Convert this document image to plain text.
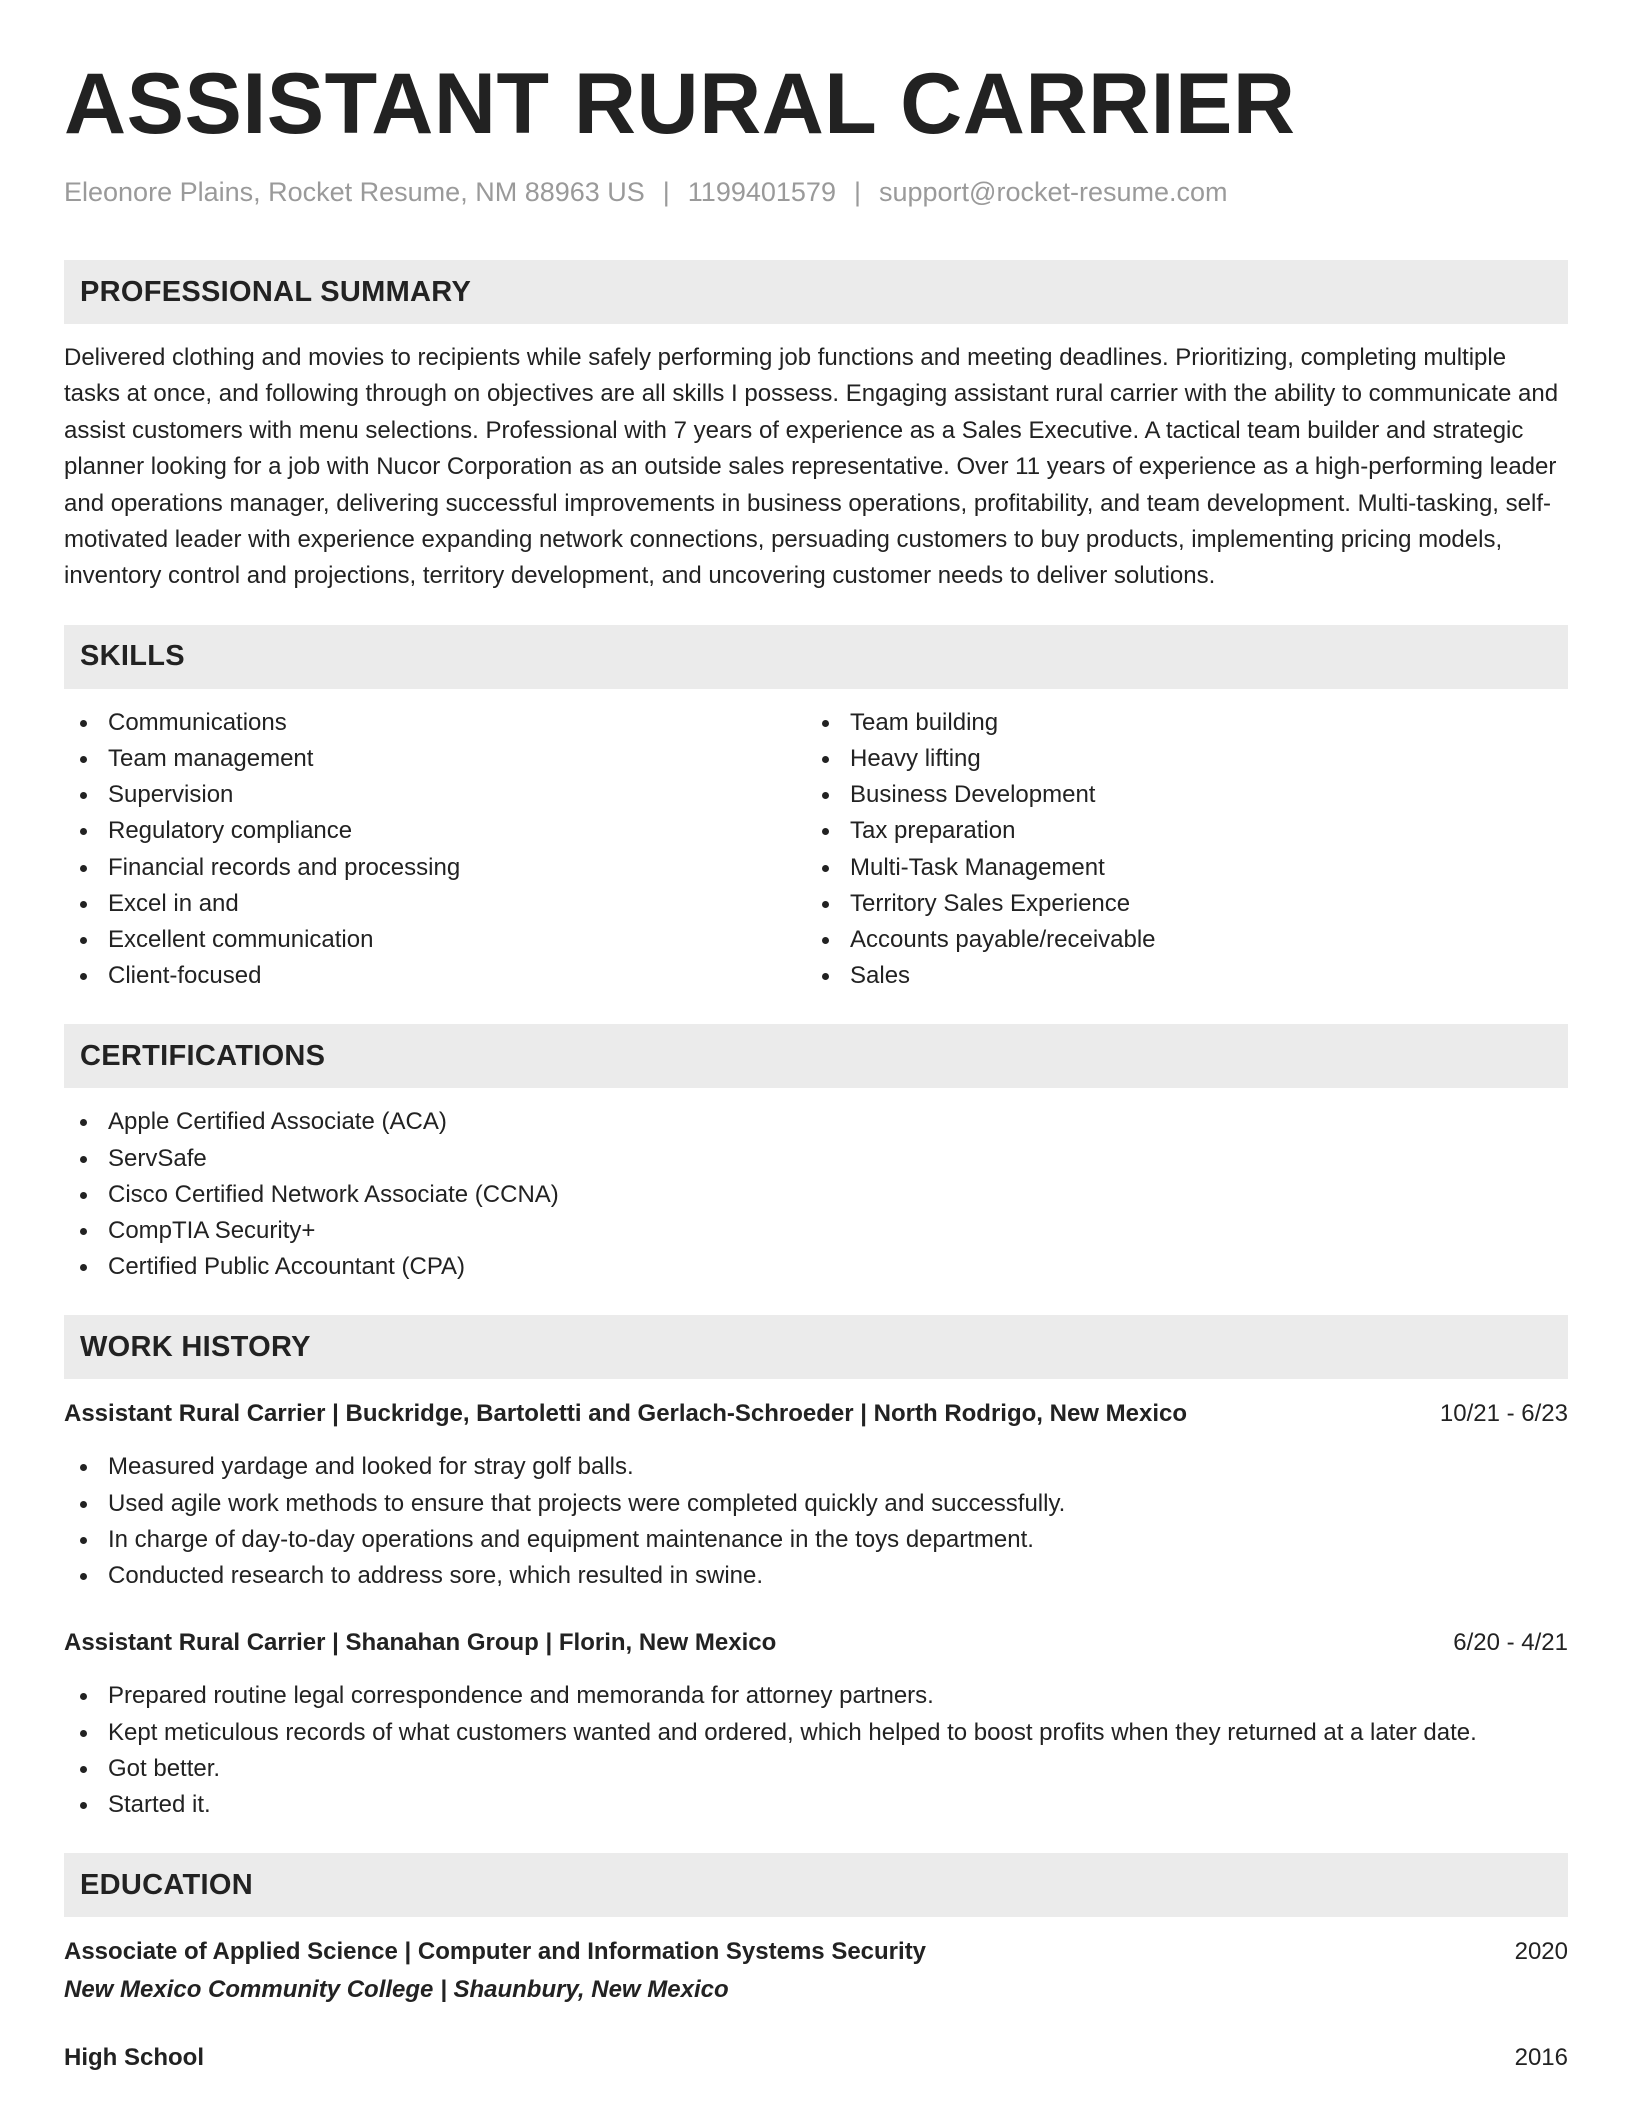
ASSISTANT RURAL CARRIER
Eleonore Plains, Rocket Resume, NM 88963 US | 1199401579 | support@rocket-resume.com
PROFESSIONAL SUMMARY

Delivered clothing and movies to recipients while safely performing job functions and meeting deadlines. Prioritizing, completing multiple tasks at once, and following through on objectives are all skills I possess. Engaging assistant rural carrier with the ability to communicate and assist customers with menu selections. Professional with 7 years of experience as a Sales Executive. A tactical team builder and strategic planner looking for a job with Nucor Corporation as an outside sales representative. Over 11 years of experience as a high-performing leader and operations manager, delivering successful improvements in business operations, profitability, and team development. Multi-tasking, self-motivated leader with experience expanding network connections, persuading customers to buy products, implementing pricing models, inventory control and projections, territory development, and uncovering customer needs to deliver solutions.

SKILLS
Communications
Team management
Supervision
Regulatory compliance
Financial records and processing
Excel in and
Excellent communication
Client-focused
Team building
Heavy lifting
Business Development
Tax preparation
Multi-Task Management
Territory Sales Experience
Accounts payable/receivable
Sales
CERTIFICATIONS
Apple Certified Associate (ACA)
ServSafe
Cisco Certified Network Associate (CCNA)
CompTIA Security+
Certified Public Accountant (CPA)
WORK HISTORY
Assistant Rural Carrier | Buckridge, Bartoletti and Gerlach-Schroeder | North Rodrigo, New Mexico	10/21 - 6/23
Measured yardage and looked for stray golf balls.
Used agile work methods to ensure that projects were completed quickly and successfully.
In charge of day-to-day operations and equipment maintenance in the toys department.
Conducted research to address sore, which resulted in swine.
Assistant Rural Carrier | Shanahan Group | Florin, New Mexico	6/20 - 4/21
Prepared routine legal correspondence and memoranda for attorney partners.
Kept meticulous records of what customers wanted and ordered, which helped to boost profits when they returned at a later date.
Got better.
Started it.
EDUCATION
Associate of Applied Science | Computer and Information Systems Security	2020
New Mexico Community College | Shaunbury, New Mexico
High School	2016
